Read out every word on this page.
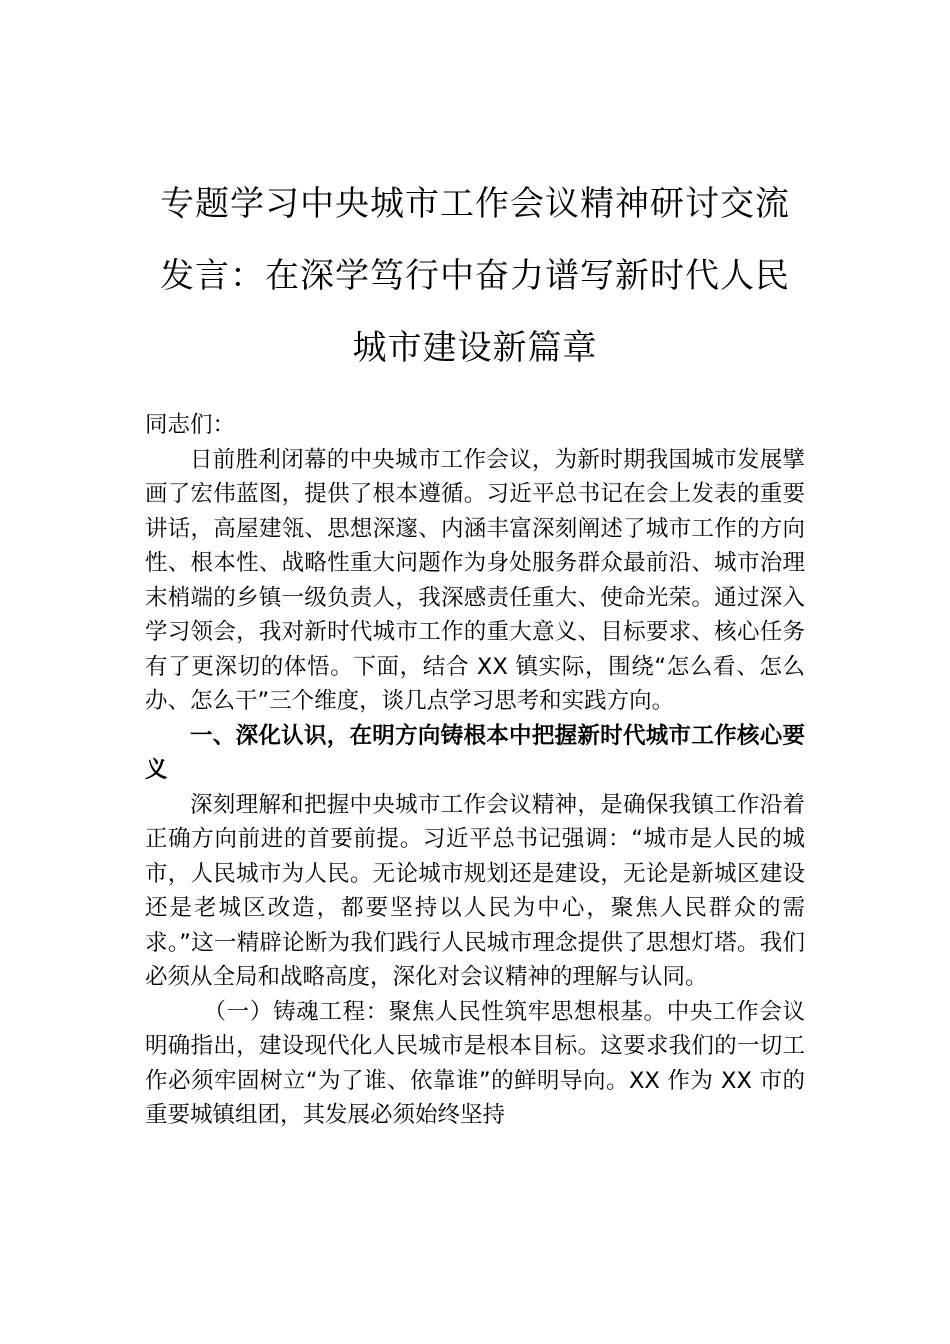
专题学习中央城市工作会议精神研讨交流
发言：在深学笃行中奋力谱写新时代人民
城市建设新篇章

同志们：

日前胜利闭幕的中央城市工作会议，为新时期我国城市发展擘画了宏伟蓝图，提供了根本遵循。习近平总书记在会上发表的重要讲话，高屋建瓴、思想深邃、内涵丰富深刻阐述了城市工作的方向性、根本性、战略性重大问题作为身处服务群众最前沿、城市治理末梢端的乡镇一级负责人，我深感责任重大、使命光荣。通过深入学习领会，我对新时代城市工作的重大意义、目标要求、核心任务有了更深切的体悟。下面，结合 XX 镇实际，围绕“怎么看、怎么办、怎么干”三个维度，谈几点学习思考和实践方向。

一、深化认识，在明方向铸根本中把握新时代城市工作核心要义

深刻理解和把握中央城市工作会议精神，是确保我镇工作沿着正确方向前进的首要前提。习近平总书记强调：“城市是人民的城市，人民城市为人民。无论城市规划还是建设，无论是新城区建设还是老城区改造，都要坚持以人民为中心，聚焦人民群众的需求。”这一精辟论断为我们践行人民城市理念提供了思想灯塔。我们必须从全局和战略高度，深化对会议精神的理解与认同。

（一）铸魂工程：聚焦人民性筑牢思想根基。中央工作会议明确指出，建设现代化人民城市是根本目标。这要求我们的一切工作必须牢固树立“为了谁、依靠谁”的鲜明导向。XX 作为 XX 市的重要城镇组团，其发展必须始终坚持
